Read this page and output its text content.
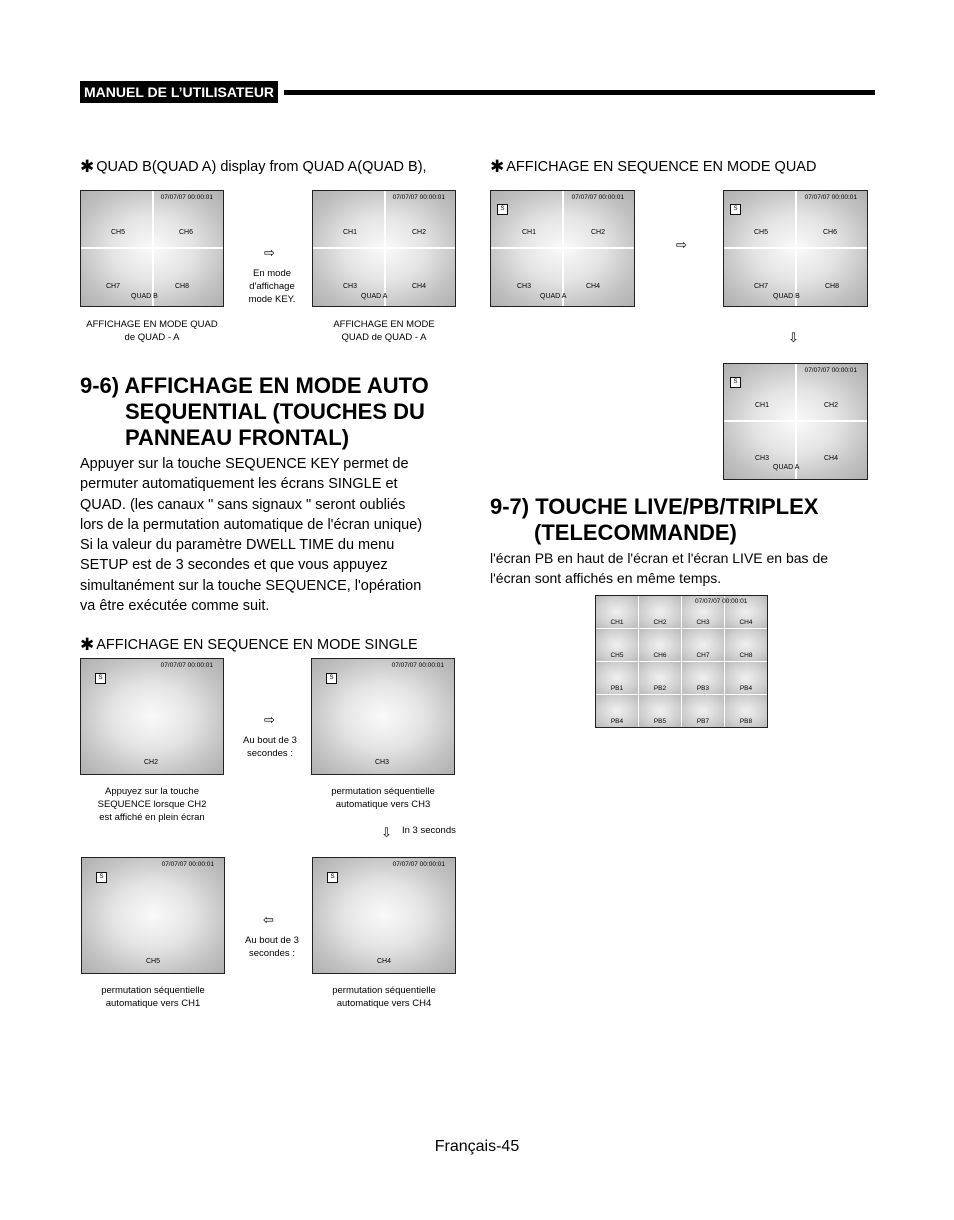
MANUEL DE L’UTILISATEUR
✱ QUAD B(QUAD A) display from QUAD A(QUAD B),
07/07/07 00:00:01
CH5	CH6
CH7	CH8
QUAD B
AFFICHAGE EN MODE QUAD
de QUAD - A
⇨
En mode
d'affichage
mode KEY.
07/07/07 00:00:01
CH1	CH2
CH3	CH4
QUAD A
AFFICHAGE EN MODE
QUAD de QUAD - A
✱ AFFICHAGE EN SEQUENCE EN MODE QUAD
07/07/07 00:00:01
S
CH1	CH2
CH3	CH4
QUAD A
⇨
07/07/07 00:00:01
S
CH5	CH6
CH7	CH8
QUAD B
⇩
07/07/07 00:00:01
S
CH1	CH2
CH3	CH4
QUAD A
9-6) AFFICHAGE EN MODE AUTO
SEQUENTIAL (TOUCHES DU
PANNEAU FRONTAL)
Appuyer sur la touche SEQUENCE KEY permet de
permuter automatiquement les écrans SINGLE et
QUAD. (les canaux " sans signaux " seront oubliés
lors de la permutation automatique de l'écran unique)
Si la valeur du paramètre DWELL TIME du menu
SETUP est de 3 secondes et que vous appuyez
simultanément sur la touche SEQUENCE, l'opération
va être exécutée comme suit.
✱ AFFICHAGE EN SEQUENCE EN MODE SINGLE
07/07/07 00:00:01
S
CH2
Appuyez sur la touche
SEQUENCE lorsque CH2
est affiché en plein écran
⇨
Au bout de 3
secondes :
07/07/07 00:00:01
S
CH3
permutation séquentielle
automatique vers CH3
⇩ In 3 seconds
07/07/07 00:00:01
S
CH5
permutation séquentielle
automatique vers CH1
⇦
Au bout de 3
secondes :
07/07/07 00:00:01
S
CH4
permutation séquentielle
automatique vers CH4
9-7) TOUCHE LIVE/PB/TRIPLEX
(TELECOMMANDE)
l'écran PB en haut de l'écran et l'écran LIVE en bas de
l'écran sont affichés en même temps.
CH1	CH2	CH3	CH4
CH5	CH6	CH7	CH8
PB1	PB2	PB3	PB4
PB4	PB5	PB7	PB8
07/07/07 00:00:01
Français-45
